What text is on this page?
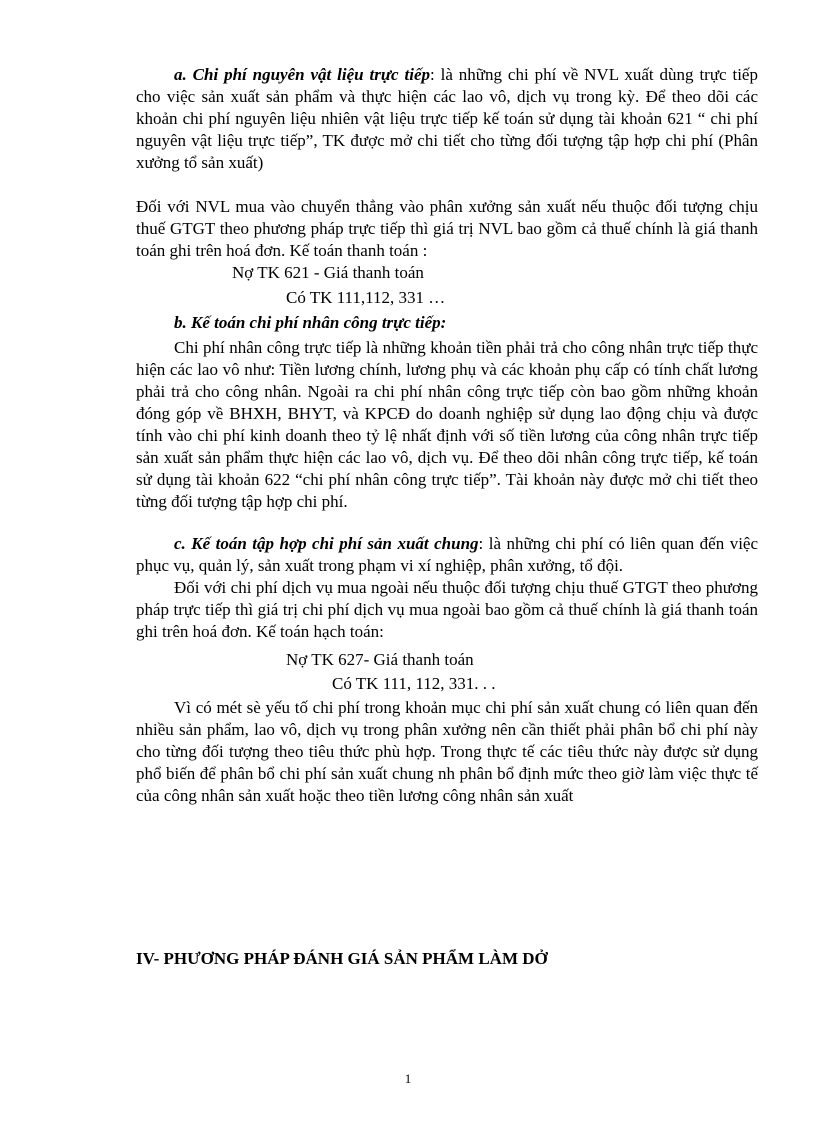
a. Chi phí nguyên vật liệu trực tiếp: là những chi phí về NVL xuất dùng trực tiếp cho việc sản xuất sản phẩm và thực hiện các lao vô, dịch vụ trong kỳ. Để theo dõi các khoản chi phí nguyên liệu nhiên vật liệu trực tiếp kế toán sử dụng tài khoản 621 “ chi phí nguyên vật liệu trực tiếp”, TK được mở chi tiết cho từng đối tượng tập hợp chi phí (Phân xưởng tổ sản xuất)

Đối với NVL mua vào chuyển thẳng vào phân xưởng sản xuất nếu thuộc đối tượng chịu thuế GTGT theo phương pháp trực tiếp thì giá trị NVL bao gồm cả thuế chính là giá thanh toán ghi trên hoá đơn. Kế toán thanh toán :

Nợ TK 621 - Giá thanh toán
Có TK 111,112, 331 …
b. Kế toán chi phí nhân công trực tiếp:

Chi phí nhân công trực tiếp là những khoản tiền phải trả cho công nhân trực tiếp thực hiện các lao vô như: Tiền lương chính, lương phụ và các khoản phụ cấp có tính chất lương phải trả cho công nhân. Ngoài ra chi phí nhân công trực tiếp còn bao gồm những khoản đóng góp về BHXH, BHYT, và KPCĐ do doanh nghiệp sử dụng lao động chịu và được tính vào chi phí kinh doanh theo tỷ lệ nhất định với số tiền lương của công nhân trực tiếp sản xuất sản phẩm thực hiện các lao vô, dịch vụ. Để theo dõi nhân công trực tiếp, kế toán sử dụng tài khoản 622 “chi phí nhân công trực tiếp”. Tài khoản này được mở chi tiết theo từng đối tượng tập hợp chi phí.

c. Kế toán tập hợp chi phí sản xuất chung: là những chi phí có liên quan đến việc phục vụ, quản lý, sản xuất trong phạm vi xí nghiệp, phân xưởng, tổ đội.

Đối với chi phí dịch vụ mua ngoài nếu thuộc đối tượng chịu thuế GTGT theo phương pháp trực tiếp thì giá trị chi phí dịch vụ mua ngoài bao gồm cả thuế chính là giá thanh toán ghi trên hoá đơn. Kế toán hạch toán:

Nợ TK 627- Giá thanh toán
Có TK 111, 112, 331. . .

Vì có mét sè yếu tố chi phí trong khoản mục chi phí sản xuất chung có liên quan đến nhiều sản phẩm, lao vô, dịch vụ trong phân xưởng nên cần thiết phải phân bổ chi phí này cho từng đối tượng theo tiêu thức phù hợp. Trong thực tế các tiêu thức này được sử dụng phổ biến để phân bổ chi phí sản xuất chung nh phân bổ định mức theo giờ làm việc thực tế của công nhân sản xuất hoặc theo tiền lương công nhân sản xuất

IV- PHƯƠNG PHÁP ĐÁNH GIÁ SẢN PHẨM LÀM DỞ
1
